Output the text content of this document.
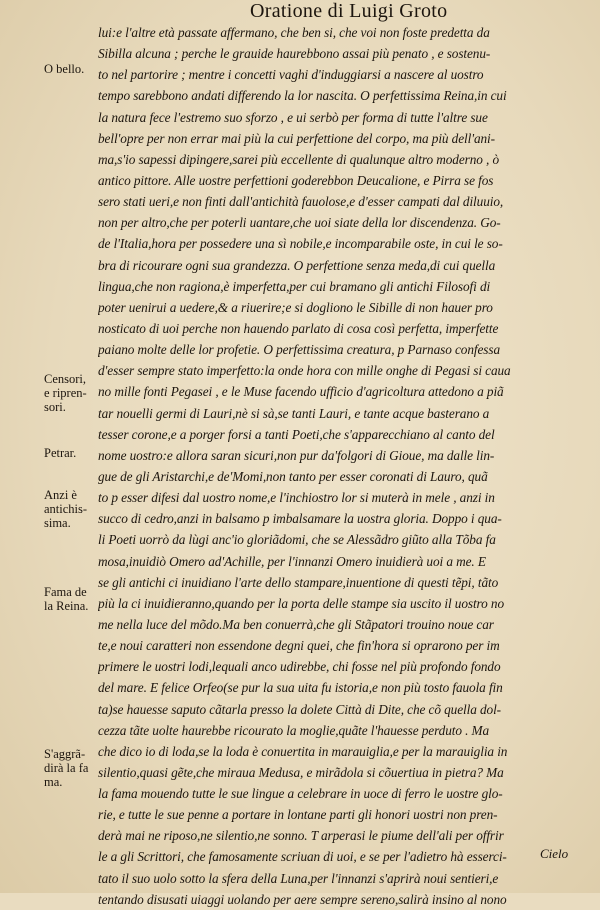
Oratione di Luigi Groto
lui:e l'altre età passate affermano, che ben si, che voi non foste predetta da
Sibilla alcuna ; perche le grauide haurebbono assai più penato , e sostenu-
to nel partorire ; mentre i concetti vaghi d'induggiarsi a nascere al uostro
tempo sarebbono andati differendo la lor nascita. O perfettissima Reina,in cui
la natura fece l'estremo suo sforzo , e ui serbò per forma di tutte l'altre sue
bell'opre per non errar mai più la cui perfettione del corpo, ma più dell'ani-
ma,s'io sapessi dipingere,sarei più eccellente di qualunque altro moderno , ò
antico pittore. Alle uostre perfettioni goderebbon Deucalione, e Pirra se fos
sero stati ueri,e non finti dall'antichità fauolose,e d'esser campati dal diluuio,
non per altro,che per poterli uantare,che uoi siate della lor discendenza. Go-
de l'Italia,hora per possedere una sì nobile,e incomparabile oste, in cui le so-
bra di ricourare ogni sua grandezza. O perfettione senza meda,di cui quella
lingua,che non ragiona,è imperfetta,per cui bramano gli antichi Filosofi di
poter uenirui a uedere,& a riuerire;e si dogliono le Sibille di non hauer pro
nosticato di uoi perche non hauendo parlato di cosa così perfetta, imperfette
paiano molte delle lor profetie. O perfettissima creatura, p Parnaso confessa
d'esser sempre stato imperfetto:la onde hora con mille onghe di Pegasi si caua
no mille fonti Pegasei , e le Muse facendo ufficio d'agricoltura attedono a piã
tar nouelli germi di Lauri,nè si sà,se tanti Lauri, e tante acque basterano a
tesser corone,e a porger forsi a tanti Poeti,che s'apparecchiano al canto del
nome uostro:e allora saran sicuri,non pur da'folgori di Gioue, ma dalle lin-
gue de gli Aristarchi,e de'Momi,non tanto per esser coronati di Lauro, quã
to p esser difesi dal uostro nome,e l'inchiostro lor si muterà in mele , anzi in
succo di cedro,anzi in balsamo p imbalsamare la uostra gloria. Doppo i qua-
li Poeti uorrò da lùgi anc'io gloriãdomi, che se Alessãdro giũto alla Tõba fa
mosa,inuidiò Omero ad'Achille, per l'innanzi Omero inuidierà uoi a me. E
se gli antichi ci inuidiano l'arte dello stampare,inuentione di questi tẽpi, tãto
più la ci inuidieranno,quando per la porta delle stampe sia uscito il uostro no
me nella luce del mõdo.Ma ben conuerrà,che gli Stãpatori trouino noue car
te,e noui caratteri non essendone degni quei, che fin'hora si oprarono per im
primere le uostri lodi,lequali anco udirebbe, chi fosse nel più profondo fondo
del mare. E felice Orfeo(se pur la sua uita fu istoria,e non più tosto fauola fin
ta)se hauesse saputo cãtarla presso la dolete Città di Dite, che cõ quella dol-
cezza tãte uolte haurebbe ricourato la moglie,quãte l'hauesse perduto . Ma
che dico io di loda,se la loda è conuertita in marauiglia,e per la marauiglia in
silentio,quasi gẽte,che miraua Medusa, e mirãdola si cõuertiua in pietra? Ma
la fama mouendo tutte le sue lingue a celebrare in uoce di ferro le uostre glo-
rie, e tutte le sue penne a portare in lontane parti gli honori uostri non pren-
derà mai ne riposo,ne silentio,ne sonno. T arperasi le piume dell'ali per offrir
le a gli Scrittori, che famosamente scriuan di uoi, e se per l'adietro hà esserci-
tato il suo uolo sotto la sfera della Luna,per l'innanzi s'aprirà noui sentieri,e
tentando disusati uiaggi uolando per aere sempre sereno,salirà insino al nono
O bello.
Censori,
e ripren-
sori.
Petrar.
Anzi è
antichis-
sima.
Fama de
la Reina.
S'aggrã-
dirà la fa
ma.
Cielo
